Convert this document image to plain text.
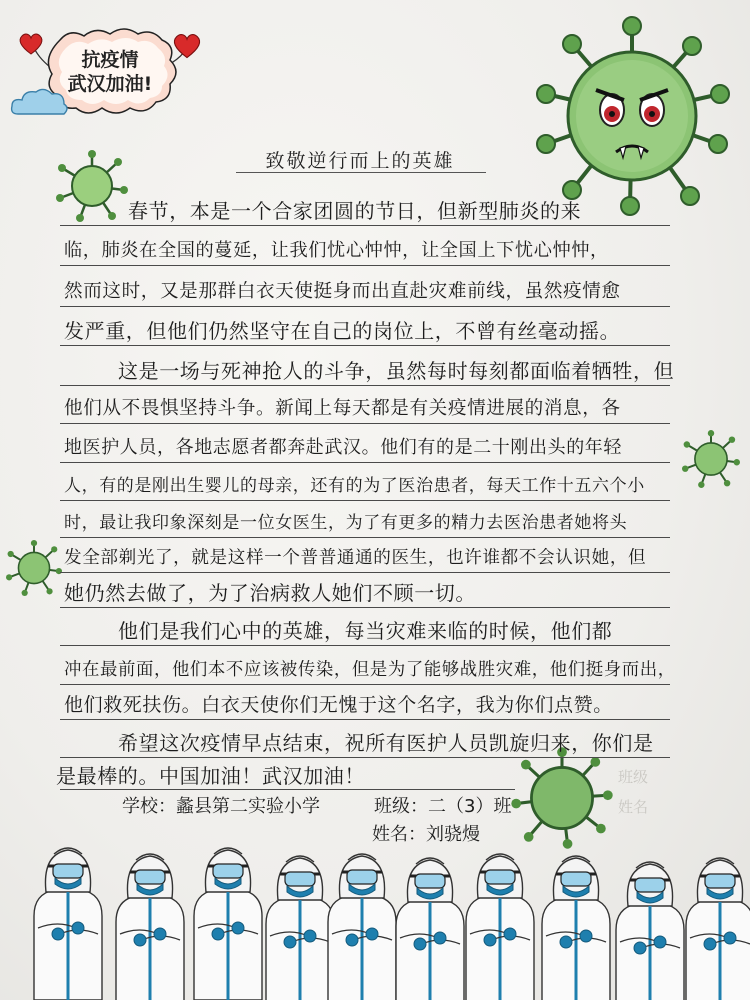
抗疫情
武汉加油!
致敬逆行而上的英雄
春节，本是一个合家团圆的节日，但新型肺炎的来
临，肺炎在全国的蔓延，让我们忧心忡忡，让全国上下忧心忡忡，
然而这时，又是那群白衣天使挺身而出直赴灾难前线，虽然疫情愈
发严重，但他们仍然坚守在自己的岗位上，不曾有丝毫动摇。
这是一场与死神抢人的斗争，虽然每时每刻都面临着牺牲，但
他们从不畏惧坚持斗争。新闻上每天都是有关疫情进展的消息，各
地医护人员，各地志愿者都奔赴武汉。他们有的是二十刚出头的年轻
人，有的是刚出生婴儿的母亲，还有的为了医治患者，每天工作十五六个小
时，最让我印象深刻是一位女医生，为了有更多的精力去医治患者她将头
发全部剃光了，就是这样一个普普通通的医生，也许谁都不会认识她，但
她仍然去做了，为了治病救人她们不顾一切。
他们是我们心中的英雄，每当灾难来临的时候，他们都
冲在最前面，他们本不应该被传染，但是为了能够战胜灾难，他们挺身而出，
他们救死扶伤。白衣天使你们无愧于这个名字，我为你们点赞。
希望这次疫情早点结束，祝所有医护人员凯旋归来，你们是
是最棒的。中国加油！武汉加油！	班级
姓名
学校：蠡县第二实验小学	班级：二（3）班
姓名：刘骁熳
